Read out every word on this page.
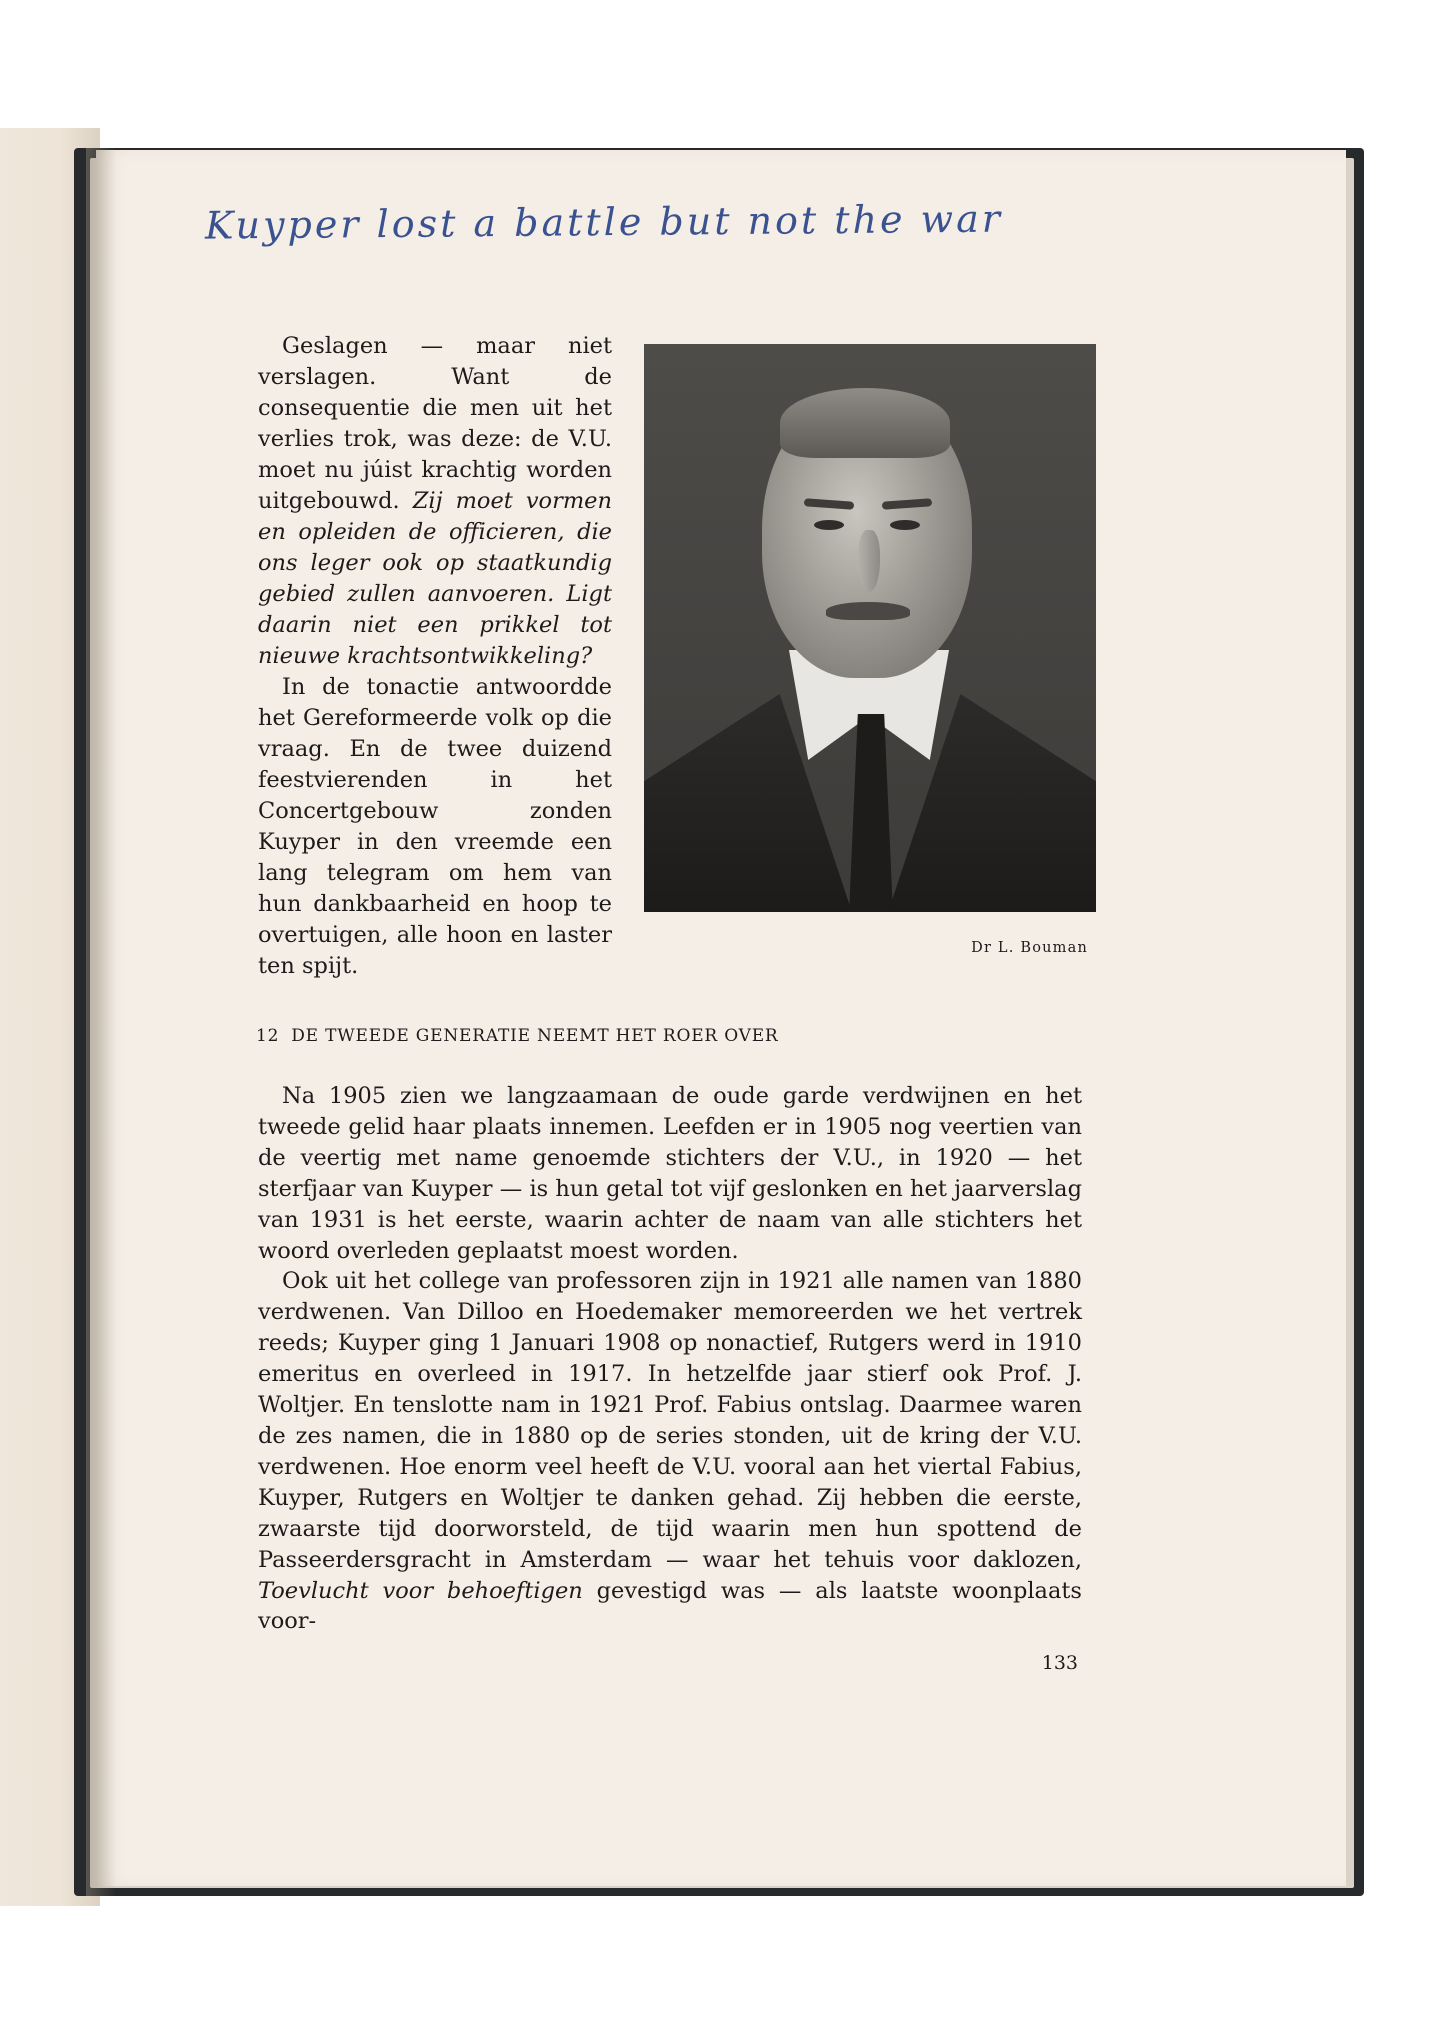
Kuyper lost a battle but not the war

Geslagen — maar niet verslagen. Want de consequentie die men uit het verlies trok, was deze: de V.U. moet nu júist krachtig worden uitgebouwd. Zij moet vormen en opleiden de officieren, die ons leger ook op staatkundig gebied zullen aanvoeren. Ligt daarin niet een prikkel tot nieuwe krachtsontwikkeling?

In de tonactie antwoordde het Gereformeerde volk op die vraag. En de twee duizend feestvierenden in het Concertgebouw zonden Kuyper in den vreemde een lang telegram om hem van hun dankbaarheid en hoop te overtuigen, alle hoon en laster ten spijt.

Dr L. Bouman
12 DE TWEEDE GENERATIE NEEMT HET ROER OVER

Na 1905 zien we langzaamaan de oude garde verdwijnen en het tweede gelid haar plaats innemen. Leefden er in 1905 nog veertien van de veertig met name genoemde stichters der V.U., in 1920 — het sterfjaar van Kuyper — is hun getal tot vijf geslonken en het jaarverslag van 1931 is het eerste, waarin achter de naam van alle stichters het woord overleden geplaatst moest worden.

Ook uit het college van professoren zijn in 1921 alle namen van 1880 verdwenen. Van Dilloo en Hoedemaker memoreerden we het vertrek reeds; Kuyper ging 1 Januari 1908 op nonactief, Rutgers werd in 1910 emeritus en overleed in 1917. In hetzelfde jaar stierf ook Prof. J. Woltjer. En tenslotte nam in 1921 Prof. Fabius ontslag. Daarmee waren de zes namen, die in 1880 op de series stonden, uit de kring der V.U. verdwenen. Hoe enorm veel heeft de V.U. vooral aan het viertal Fabius, Kuyper, Rutgers en Woltjer te danken gehad. Zij hebben die eerste, zwaarste tijd doorworsteld, de tijd waarin men hun spottend de Passeerdersgracht in Amsterdam — waar het tehuis voor daklozen, Toevlucht voor behoeftigen gevestigd was — als laatste woonplaats voor-

133
